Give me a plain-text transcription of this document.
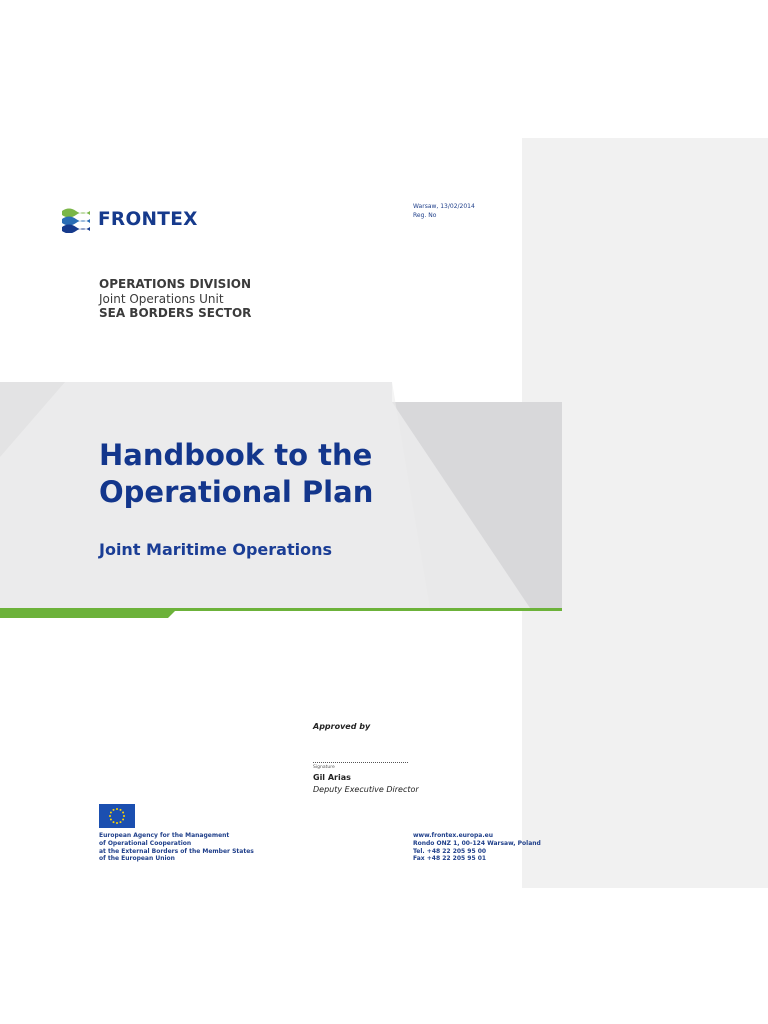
FRONTEX
Warsaw, 13/02/2014
Reg. No
OPERATIONS DIVISION
Joint Operations Unit
SEA BORDERS SECTOR
Handbook to the
Operational Plan
Joint Maritime Operations
Approved by
Signature
Gil Arias
Deputy Executive Director
European Agency for the Management
of Operational Cooperation
at the External Borders of the Member States
of the European Union
www.frontex.europa.eu
Rondo ONZ 1, 00-124 Warsaw, Poland
Tel. +48 22 205 95 00
Fax +48 22 205 95 01
